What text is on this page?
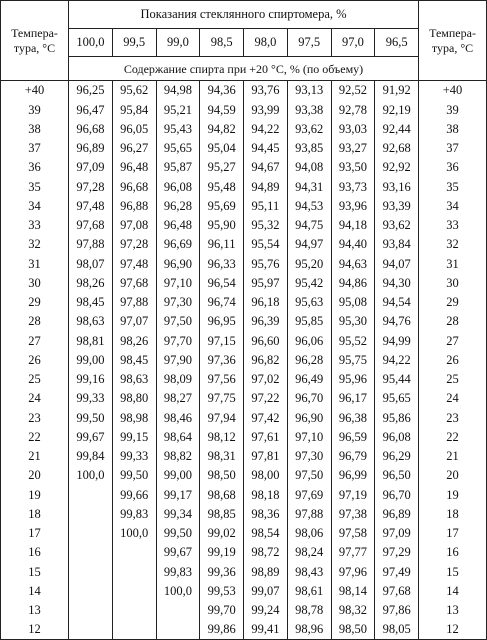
Темпера-
тура, °С	Показания стеклянного спиртомера, %								Темпера-
тура, °С
	100,0	99,5	99,0	98,5	98,0	97,5	97,0	96,5	
	Содержание спирта при +20 °С, % (по объему)								
+40	96,25	95,62	94,98	94,36	93,76	93,13	92,52	91,92	+40
39	96,47	95,84	95,21	94,59	93,99	93,38	92,78	92,19	39
38	96,68	96,05	95,43	94,82	94,22	93,62	93,03	92,44	38
37	96,89	96,27	95,65	95,04	94,45	93,85	93,27	92,68	37
36	97,09	96,48	95,87	95,27	94,67	94,08	93,50	92,92	36
35	97,28	96,68	96,08	95,48	94,89	94,31	93,73	93,16	35
34	97,48	96,88	96,28	95,69	95,11	94,53	93,96	93,39	34
33	97,68	97,08	96,48	95,90	95,32	94,75	94,18	93,62	33
32	97,88	97,28	96,69	96,11	95,54	94,97	94,40	93,84	32
31	98,07	97,48	96,90	96,33	95,76	95,20	94,63	94,07	31
30	98,26	97,68	97,10	96,54	95,97	95,42	94,86	94,30	30
29	98,45	97,88	97,30	96,74	96,18	95,63	95,08	94,54	29
28	98,63	97,07	97,50	96,95	96,39	95,85	95,30	94,76	28
27	98,81	98,26	97,70	97,15	96,60	96,06	95,52	94,99	27
26	99,00	98,45	97,90	97,36	96,82	96,28	95,75	94,22	26
25	99,16	98,63	98,09	97,56	97,02	96,49	95,96	95,44	25
24	99,33	98,80	98,27	97,75	97,22	96,70	96,17	95,65	24
23	99,50	98,98	98,46	97,94	97,42	96,90	96,38	95,86	23
22	99,67	99,15	98,64	98,12	97,61	97,10	96,59	96,08	22
21	99,84	99,33	98,82	98,31	97,81	97,30	96,79	96,29	21
20	100,0	99,50	99,00	98,50	98,00	97,50	96,99	96,50	20
19		99,66	99,17	98,68	98,18	97,69	97,19	96,70	19
18		99,83	99,34	98,85	98,36	97,88	97,38	96,89	18
17		100,0	99,50	99,02	98,54	98,06	97,58	97,09	17
16			99,67	99,19	98,72	98,24	97,77	97,29	16
15			99,83	99,36	98,89	98,43	97,96	97,49	15
14			100,0	99,53	99,07	98,61	98,14	97,68	14
13				99,70	99,24	98,78	98,32	97,86	13
12				99,86	99,41	98,96	98,50	98,05	12
